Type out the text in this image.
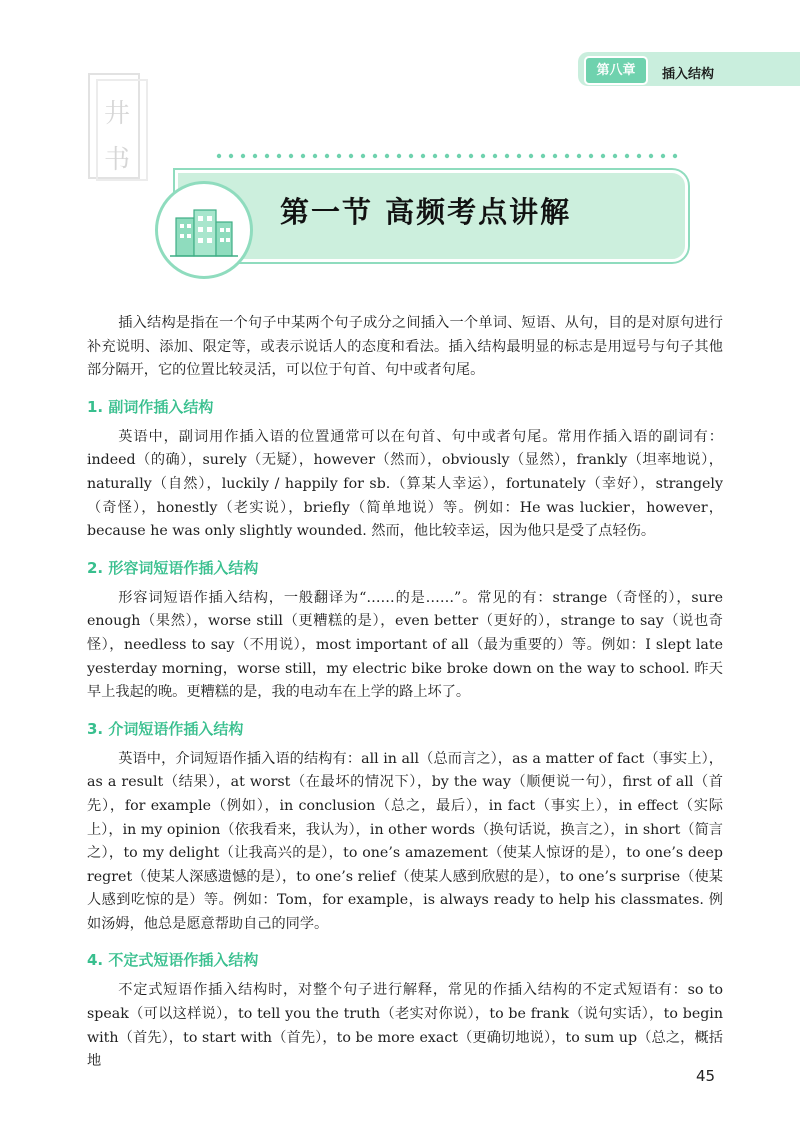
第八章	插入结构
井
书
第一节 高频考点讲解

插入结构是指在一个句子中某两个句子成分之间插入一个单词、短语、从句，目的是对原句进行补充说明、添加、限定等，或表示说话人的态度和看法。插入结构最明显的标志是用逗号与句子其他部分隔开，它的位置比较灵活，可以位于句首、句中或者句尾。

1. 副词作插入结构

英语中，副词用作插入语的位置通常可以在句首、句中或者句尾。常用作插入语的副词有：indeed（的确），surely（无疑），however（然而），obviously（显然），frankly（坦率地说），naturally（自然），luckily / happily for sb.（算某人幸运），fortunately（幸好），strangely（奇怪），honestly（老实说），briefly（简单地说）等。例如：He was luckier，however，because he was only slightly wounded. 然而，他比较幸运，因为他只是受了点轻伤。

2. 形容词短语作插入结构

形容词短语作插入结构，一般翻译为“……的是……”。常见的有：strange（奇怪的），sure enough（果然），worse still（更糟糕的是），even better（更好的），strange to say（说也奇怪），needless to say（不用说），most important of all（最为重要的）等。例如：I slept late yesterday morning，worse still，my electric bike broke down on the way to school. 昨天早上我起的晚。更糟糕的是，我的电动车在上学的路上坏了。

3. 介词短语作插入结构

英语中，介词短语作插入语的结构有：all in all（总而言之），as a matter of fact（事实上），as a result（结果），at worst（在最坏的情况下），by the way（顺便说一句），first of all（首先），for example（例如），in conclusion（总之，最后），in fact（事实上），in effect（实际上），in my opinion（依我看来，我认为），in other words（换句话说，换言之），in short（简言之），to my delight（让我高兴的是），to one’s amazement（使某人惊讶的是），to one’s deep regret（使某人深感遗憾的是），to one’s relief（使某人感到欣慰的是），to one’s surprise（使某人感到吃惊的是）等。例如：Tom，for example，is always ready to help his classmates. 例如汤姆，他总是愿意帮助自己的同学。

4. 不定式短语作插入结构

不定式短语作插入结构时，对整个句子进行解释，常见的作插入结构的不定式短语有：so to speak（可以这样说），to tell you the truth（老实对你说），to be frank（说句实话），to begin with（首先），to start with（首先），to be more exact（更确切地说），to sum up（总之，概括地

45
